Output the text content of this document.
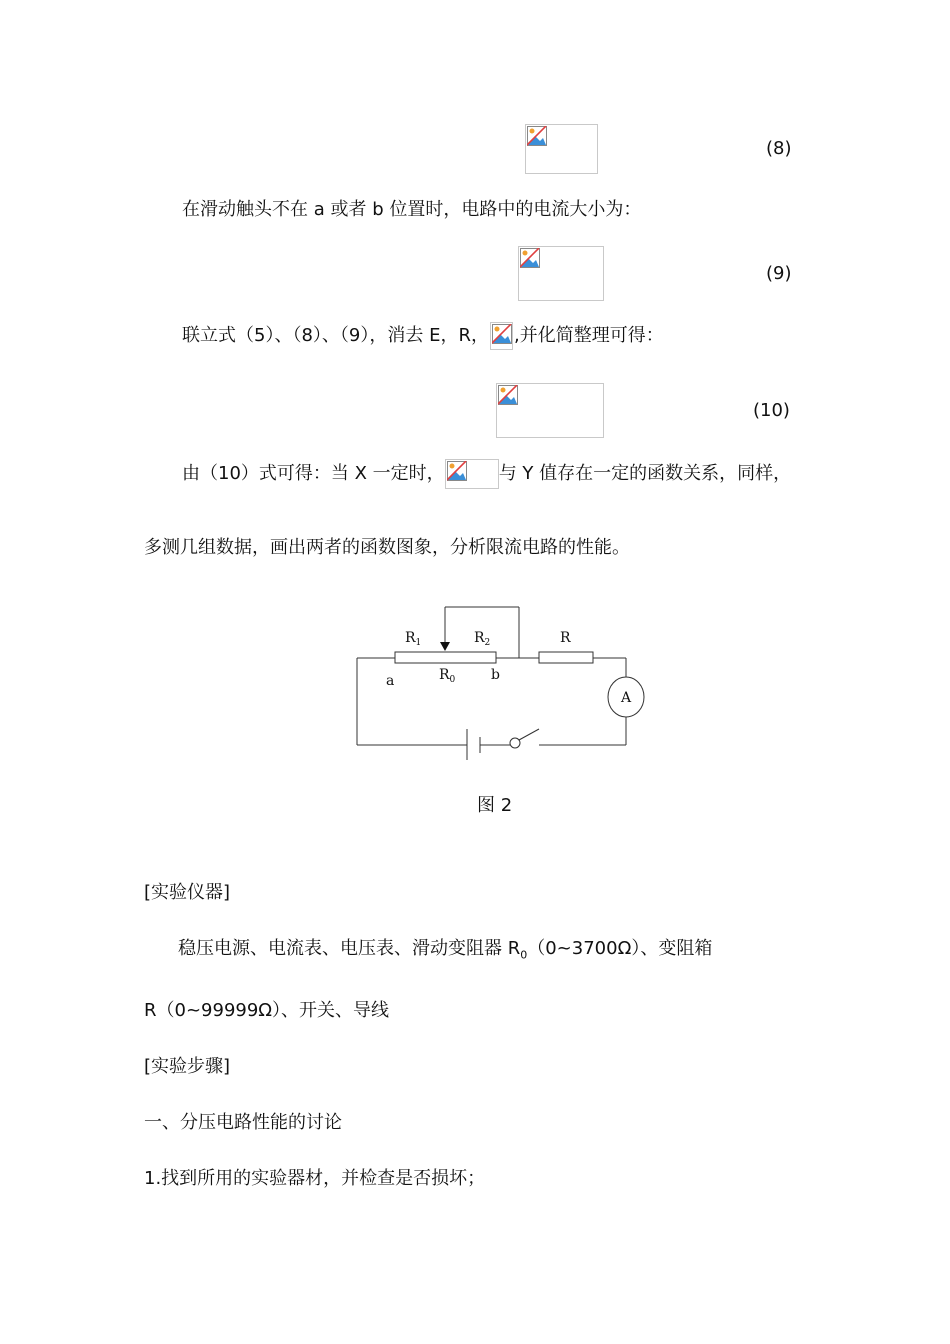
(8)
在滑动触头不在 a 或者 b 位置时，电路中的电流大小为：
(9)
联立式（5）、（8）、（9），消去 E，R， ,并化简整理可得：
(10)
由（10）式可得：当 X 一定时，	与 Y 值存在一定的函数关系，同样，
多测几组数据，画出两者的函数图象，分析限流电路的性能。
$R_1$	$R_2$	R
$R_0$
a	b
A
图 2
[实验仪器]
稳压电源、电流表、电压表、滑动变阻器 $R_0(0\sim 3700\Omega)$、变阻箱
R（0~99999Ω）、开关、导线
[实验步骤]
一、分压电路性能的讨论
1.找到所用的实验器材，并检查是否损坏；
